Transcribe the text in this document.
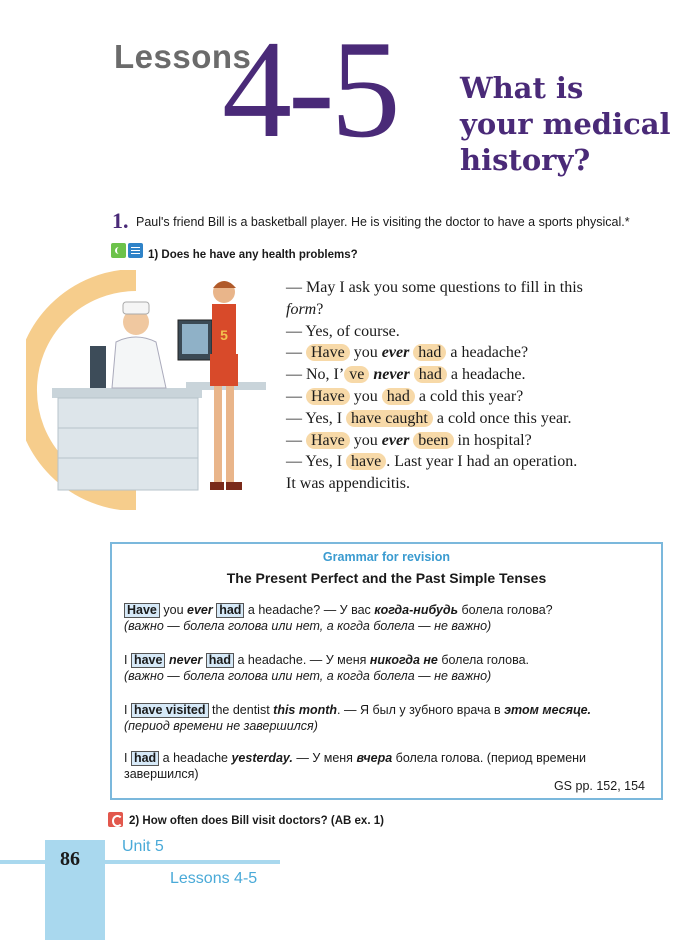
Lessons
4-5 What is
your medical
history?
1. Paul's friend Bill is a basketball player. He is visiting the doctor to have a sports physical.*
1) Does he have any health problems?
5
— May I ask you some questions to fill in this
form?
— Yes, of course.
— Have you ever had a headache?
— No, I’ ve never had a headache.
— Have you had a cold this year?
— Yes, I have caught a cold once this year.
— Have you ever been in hospital?
— Yes, I have . Last year I had an operation.
It was appendicitis.
Grammar for revision
The Present Perfect and the Past Simple Tenses
Have you ever had a headache? — У вас когда-нибудь болела голова?
(важно — болела голова или нет, а когда болела — не важно)
I have never had a headache. — У меня никогда не болела голова.
(важно — болела голова или нет, а когда болела — не важно)
I have visited the dentist this month. — Я был у зубного врача в этом месяце.
(период времени не завершился)
I had a headache yesterday. — У меня вчера болела голова. (период времени
завершился)
GS pp. 152, 154
2) How often does Bill visit doctors? (AB ex. 1)
86
Unit 5
Lessons 4-5
